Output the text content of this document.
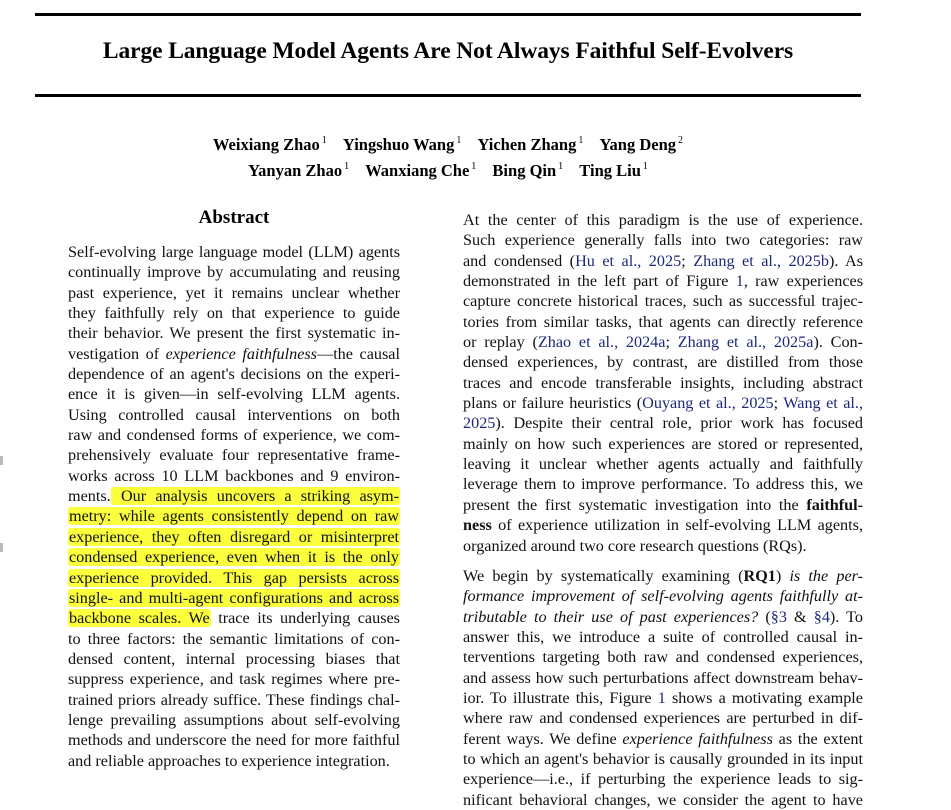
Large Language Model Agents Are Not Always Faithful Self-Evolvers
Weixiang Zhao $^1$ Yingshuo Wang $^1$ Yichen Zhang $^1$ Yang Deng $^2$
Yanyan Zhao $^1$ Wanxiang Che $^1$ Bing Qin $^1$ Ting Liu $^1$
Abstract
Self-evolving large language model (LLM) agents
continually improve by accumulating and reusing
past experience, yet it remains unclear whether
they faithfully rely on that experience to guide
their behavior. We present the first systematic in-
vestigation of experience faithfulness—the causal
dependence of an agent's decisions on the experi-
ence it is given—in self-evolving LLM agents.
Using controlled causal interventions on both
raw and condensed forms of experience, we com-
prehensively evaluate four representative frame-
works across 10 LLM backbones and 9 environ-
ments. Our analysis uncovers a striking asym-
metry: while agents consistently depend on raw
experience, they often disregard or misinterpret
condensed experience, even when it is the only
experience provided. This gap persists across
single- and multi-agent configurations and across
backbone scales. We trace its underlying causes
to three factors: the semantic limitations of con-
densed content, internal processing biases that
suppress experience, and task regimes where pre-
trained priors already suffice. These findings chal-
lenge prevailing assumptions about self-evolving
methods and underscore the need for more faithful
and reliable approaches to experience integration.
At the center of this paradigm is the use of experience.
Such experience generally falls into two categories: raw
and condensed (Hu et al., 2025; Zhang et al., 2025b). As
demonstrated in the left part of Figure 1, raw experiences
capture concrete historical traces, such as successful trajec-
tories from similar tasks, that agents can directly reference
or replay (Zhao et al., 2024a; Zhang et al., 2025a). Con-
densed experiences, by contrast, are distilled from those
traces and encode transferable insights, including abstract
plans or failure heuristics (Ouyang et al., 2025; Wang et al.,
2025). Despite their central role, prior work has focused
mainly on how such experiences are stored or represented,
leaving it unclear whether agents actually and faithfully
leverage them to improve performance. To address this, we
present the first systematic investigation into the faithful-
ness of experience utilization in self-evolving LLM agents,
organized around two core research questions (RQs).
We begin by systematically examining (RQ1) is the per-
formance improvement of self-evolving agents faithfully at-
tributable to their use of past experiences? (§3 & §4). To
answer this, we introduce a suite of controlled causal in-
terventions targeting both raw and condensed experiences,
and assess how such perturbations affect downstream behav-
ior. To illustrate this, Figure 1 shows a motivating example
where raw and condensed experiences are perturbed in dif-
ferent ways. We define experience faithfulness as the extent
to which an agent's behavior is causally grounded in its input
experience—i.e., if perturbing the experience leads to sig-
nificant behavioral changes, we consider the agent to have
